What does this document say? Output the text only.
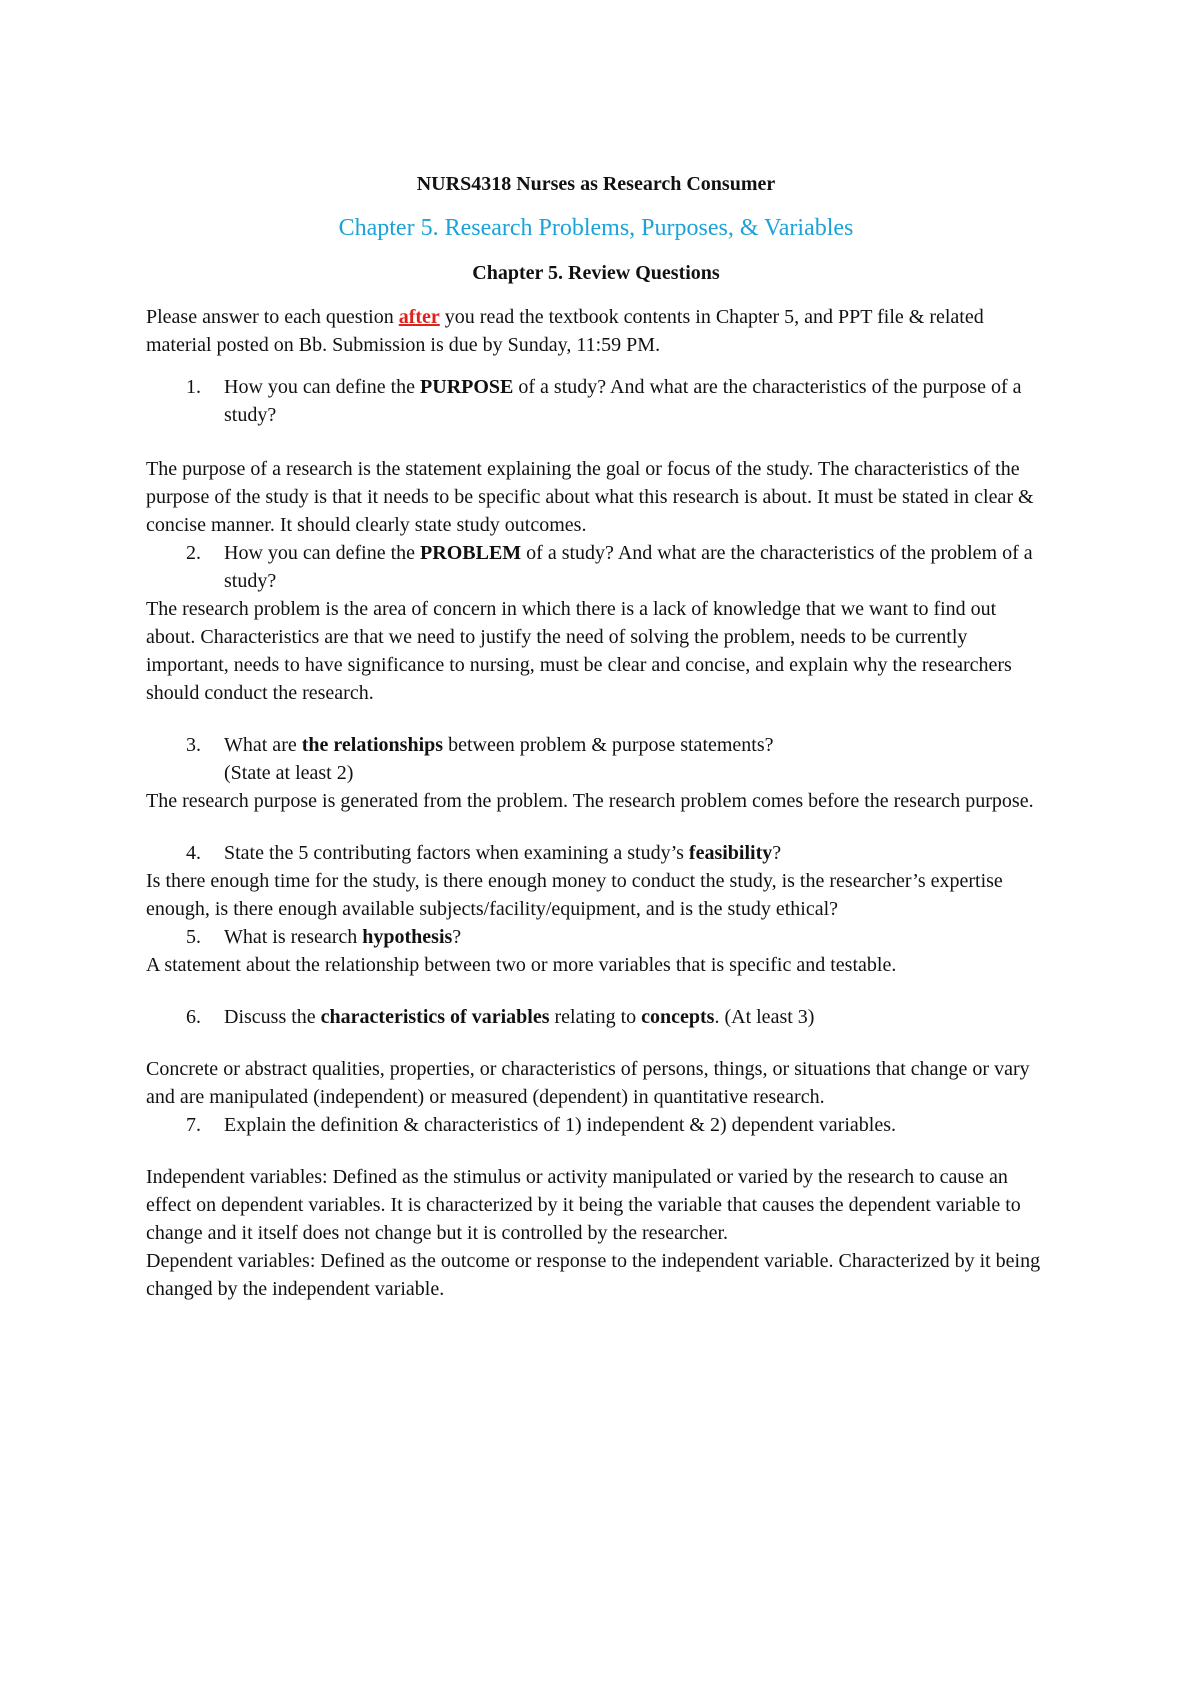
NURS4318 Nurses as Research Consumer

Chapter 5. Research Problems, Purposes, & Variables

Chapter 5. Review Questions

Please answer to each question after you read the textbook contents in Chapter 5, and PPT file & related material posted on Bb. Submission is due by Sunday, 11:59 PM.

1. How you can define the PURPOSE of a study? And what are the characteristics of the purpose of a study?

The purpose of a research is the statement explaining the goal or focus of the study. The characteristics of the purpose of the study is that it needs to be specific about what this research is about. It must be stated in clear & concise manner. It should clearly state study outcomes.

2. How you can define the PROBLEM of a study? And what are the characteristics of the problem of a study?

The research problem is the area of concern in which there is a lack of knowledge that we want to find out about. Characteristics are that we need to justify the need of solving the problem, needs to be currently important, needs to have significance to nursing, must be clear and concise, and explain why the researchers should conduct the research.

3. What are the relationships between problem & purpose statements?
(State at least 2)

The research purpose is generated from the problem. The research problem comes before the research purpose.

4. State the 5 contributing factors when examining a study’s feasibility?

Is there enough time for the study, is there enough money to conduct the study, is the researcher’s expertise enough, is there enough available subjects/facility/equipment, and is the study ethical?

5. What is research hypothesis?

A statement about the relationship between two or more variables that is specific and testable.

6. Discuss the characteristics of variables relating to concepts. (At least 3)

Concrete or abstract qualities, properties, or characteristics of persons, things, or situations that change or vary and are manipulated (independent) or measured (dependent) in quantitative research.

7. Explain the definition & characteristics of 1) independent & 2) dependent variables.

Independent variables: Defined as the stimulus or activity manipulated or varied by the research to cause an effect on dependent variables. It is characterized by it being the variable that causes the dependent variable to change and it itself does not change but it is controlled by the researcher.

Dependent variables: Defined as the outcome or response to the independent variable. Characterized by it being changed by the independent variable.
